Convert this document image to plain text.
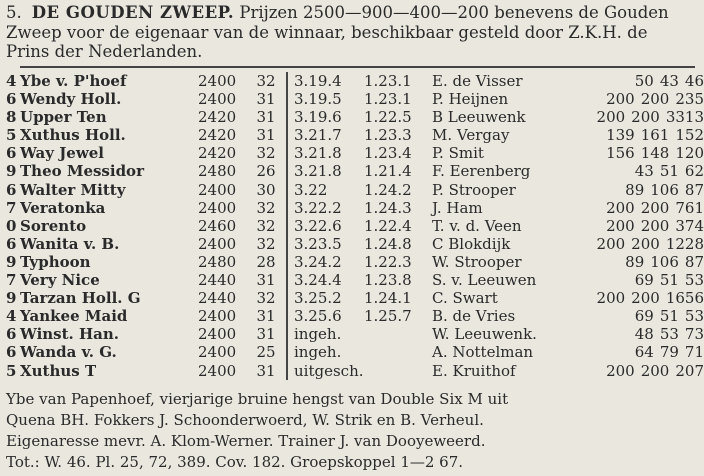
5. DE GOUDEN ZWEEP. Prijzen 2500—900—400—200 benevens de Gouden Zweep voor de eigenaar van de winnaar, beschikbaar gesteld door Z.K.H. de Prins der Nederlanden.
4	Ybe v. P'hoef	2400	32	3.19.4	1.23.1	E. de Visser	50 43 46
6	Wendy Holl.	2400	31	3.19.5	1.23.1	P. Heijnen	200 200 235
8	Upper Ten	2420	31	3.19.6	1.22.5	B Leeuwenk	200 200 3313
5	Xuthus Holl.	2420	31	3.21.7	1.23.3	M. Vergay	139 161 152
6	Way Jewel	2420	32	3.21.8	1.23.4	P. Smit	156 148 120
9	Theo Messidor	2480	26	3.21.8	1.21.4	F. Eerenberg	43 51 62
6	Walter Mitty	2400	30	3.22	1.24.2	P. Strooper	89 106 87
7	Veratonka	2400	32	3.22.2	1.24.3	J. Ham	200 200 761
0	Sorento	2460	32	3.22.6	1.22.4	T. v. d. Veen	200 200 374
6	Wanita v. B.	2400	32	3.23.5	1.24.8	C Blokdijk	200 200 1228
9	Typhoon	2480	28	3.24.2	1.22.3	W. Strooper	89 106 87
7	Very Nice	2440	31	3.24.4	1.23.8	S. v. Leeuwen	69 51 53
9	Tarzan Holl. G	2440	32	3.25.2	1.24.1	C. Swart	200 200 1656
4	Yankee Maid	2400	31	3.25.6	1.25.7	B. de Vries	69 51 53
6	Winst. Han.	2400	31	ingeh.		W. Leeuwenk.	48 53 73
6	Wanda v. G.	2400	25	ingeh.		A. Nottelman	64 79 71
5	Xuthus T	2400	31	uitgesch.		E. Kruithof	200 200 207
Ybe van Papenhoef, vierjarige bruine hengst van Double Six M uit
Quena BH. Fokkers J. Schoonderwoerd, W. Strik en B. Verheul.
Eigenaresse mevr. A. Klom-Werner. Trainer J. van Dooyeweerd.
Tot.: W. 46. Pl. 25, 72, 389. Cov. 182. Groepskoppel 1—2 67.
